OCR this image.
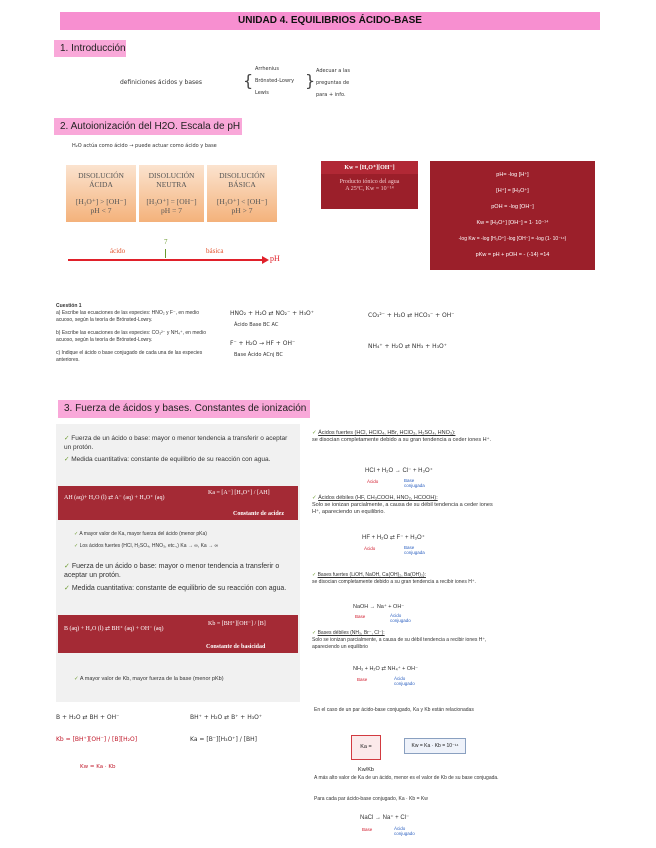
UNIDAD 4. EQUILIBRIOS ÁCIDO-BASE
1. Introducción
definiciones ácidos y bases	{
Arrhenius
Brönsted-Lowry
Lewis
} Adecuar a las
preguntas de
para + info.
2. Autoionización del H2O. Escala de pH
H₂O actúa como ácido → puede actuar como ácido y base
DISOLUCIÓN
ÁCIDA
[H₃O⁺] > [OH⁻]
pH < 7
DISOLUCIÓN
NEUTRA
[H₃O⁺] = [OH⁻]
pH = 7
DISOLUCIÓN
BÁSICA
[H₃O⁺] < [OH⁻]
pH > 7
ácido
7
básica
pH
Kw = [H₃O⁺][OH⁻]
Producto iónico del agua
A 25ºC, Kw = 10⁻¹⁴
pH= -log [H⁺]
[H⁺] = [H₃O⁺]
pOH = -log [OH⁻]
Kw = [H₃O⁺] [OH⁻] = 1· 10⁻¹⁴
-log Kw = -log [H₃O⁺] -log [OH⁻] = -log (1· 10⁻¹⁴)
pKw = pH + pOH = - (-14) =14
Cuestión 1
a) Escribe las ecuaciones de las especies: HNO₂ y F⁻, en medio acuoso, según la teoría de Brönsted-Lowry.
b) Escribe las ecuaciones de las especies: CO₃²⁻ y NH₄⁺, en medio acuoso, según la teoría de Brönsted-Lowry.
c) Indique el ácido o base conjugado de cada una de las especies anteriores.
HNO₂ + H₂O ⇄ NO₂⁻ + H₃O⁺
Ácido Base BC AC
F⁻ + H₂O → HF + OH⁻
Base Ácido ACnj BC
CO₃²⁻ + H₂O ⇄ HCO₃⁻ + OH⁻
NH₄⁺ + H₂O ⇄ NH₃ + H₃O⁺
3. Fuerza de ácidos y bases. Constantes de ionización
✓ Fuerza de un ácido o base: mayor o menor tendencia a transferir o aceptar un protón.
✓ Medida cuantitativa: constante de equilibrio de su reacción con agua.
AH (aq)+ H₂O (l) ⇄ A⁻ (aq) + H₃O⁺ (aq)
Ka = [A⁻] [H₃O⁺] / [AH]
Constante de acidez
✓ A mayor valor de Ka, mayor fuerza del ácido (menor pKa)
✓ Los ácidos fuertes (HCl, H₂SO₄, HNO₃, etc.,) Ka → ∞, Ka → ∞
✓ Fuerza de un ácido o base: mayor o menor tendencia a transferir o aceptar un protón.
✓ Medida cuantitativa: constante de equilibrio de su reacción con agua.
B (aq) + H₂O (l) ⇄ BH⁺ (aq) + OH⁻ (aq)
Kb = [BH⁺][OH⁻] / [B]
Constante de basicidad
✓ A mayor valor de Kb, mayor fuerza de la base (menor pKb)
✓ Ácidos fuertes (HCl, HClO₄, HBr, HClO₃, H₂SO₄, HNO₃):
se disocian completamente debido a su gran tendencia a ceder iones H⁺.
HCl + H₂O → Cl⁻ + H₃O⁺
Ácido	Base conjugada
✓ Ácidos débiles (HF, CH₃COOH, HNO₂, HCOOH):
Solo se ionizan parcialmente, a causa de su débil tendencia a ceder iones H⁺, apareciendo un equilibrio.
HF + H₂O ⇄ F⁻ + H₃O⁺
Ácido	Base conjugada
✓ Bases fuertes (LiOH, NaOH, Ca(OH)₂, Ba(OH)₂):
se disocian completamente debido a su gran tendencia a recibir iones H⁺.
NaOH → Na⁺ + OH⁻
Base	Ácido conjugado
✓ Bases débiles (NH₃, Br⁻, Cl⁻):
Solo se ionizan parcialmente, a causa de su débil tendencia a recibir iones H⁺, apareciendo un equilibrio
NH₃ + H₂O ⇄ NH₄⁺ + OH⁻
Base	Ácido conjugado
B + H₂O ⇄ BH + OH⁻	BH⁺ + H₂O ⇄ B⁺ + H₃O⁺
Kb = [BH⁺][OH⁻] / [B][H₂O]	Ka = [B⁻][H₃O⁺] / [BH]
Kw = Ka · Kb
En el caso de un par ácido-base conjugado, Ka y Kb están relacionadas
Ka = Kw/Kb
Kw = Ka · Kb = 10⁻¹⁴
A más alto valor de Ka de un ácido, menor es el valor de Kb de su base conjugada.
Para cada par ácido-base conjugado, Ka · Kb = Kw
NaCl → Na⁺ + Cl⁻
Base	Ácido conjugado
